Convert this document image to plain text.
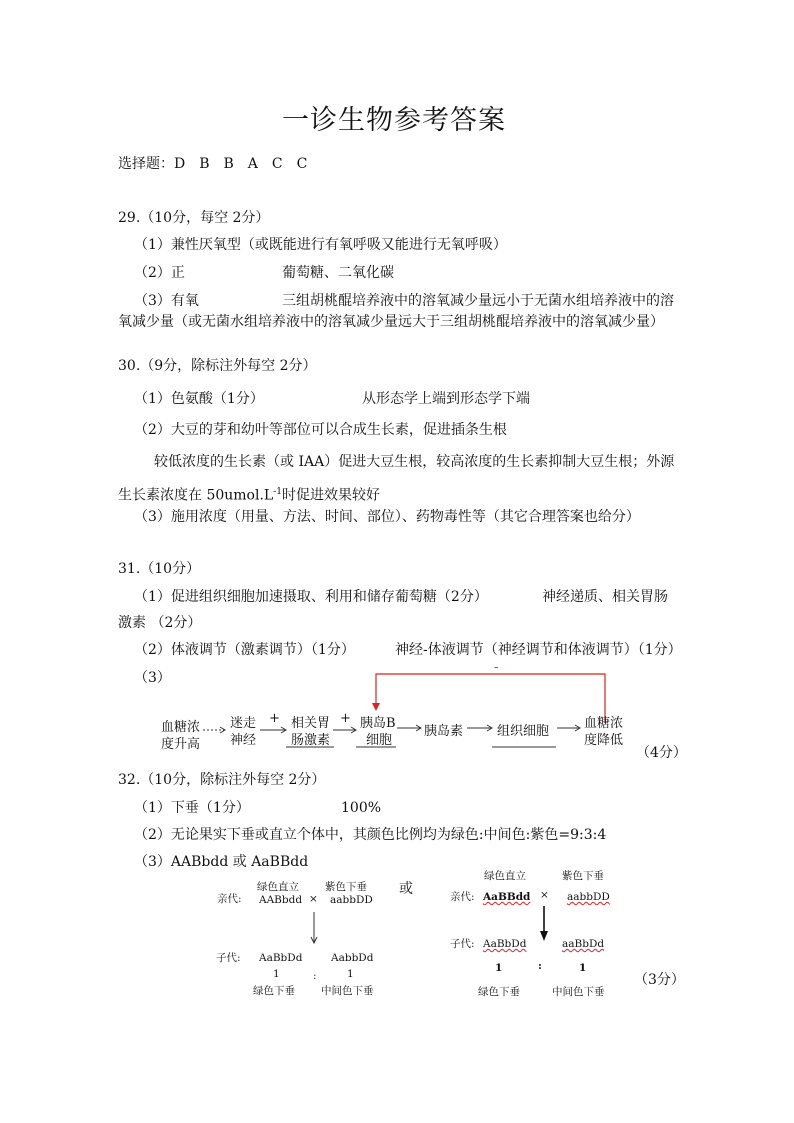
一诊生物参考答案
选择题：D　B　B　A　C　C
29.（10分，每空 2分）
（1）兼性厌氧型（或既能进行有氧呼吸又能进行无氧呼吸）
（2）正	葡萄糖、二氧化碳
（3）有氧	三组胡桃醌培养液中的溶氧减少量远小于无菌水组培养液中的溶
氧减少量（或无菌水组培养液中的溶氧减少量远大于三组胡桃醌培养液中的溶氧减少量）
30.（9分，除标注外每空 2分）
（1）色氨酸（1分）	从形态学上端到形态学下端
（2）大豆的芽和幼叶等部位可以合成生长素，促进插条生根
较低浓度的生长素（或 IAA）促进大豆生根，较高浓度的生长素抑制大豆生根；外源
生长素浓度在 $50umol.L^{-1}$时促进效果较好
（3）施用浓度（用量、方法、时间、部位）、药物毒性等（其它合理答案也给分）
31.（10分）
（1）促进组织细胞加速摄取、利用和储存葡萄糖（2分）	神经递质、相关胃肠
激素 （2分）
（2）体液调节（激素调节）（1分）	神经-体液调节（神经调节和体液调节）（1分）
（3）
血糖浓
度升高
迷走
神经
+ 相关胃
肠激素
+ 胰岛B
细胞
胰岛素	组织细胞
血糖浓
度降低
-
（4分）
32.（10分，除标注外每空 2分）
（1）下垂（1分）	100%
（2）无论果实下垂或直立个体中，其颜色比例均为绿色:中间色:紫色=9:3:4
（3）AABbdd 或 AaBBdd
或
绿色直立 紫色下垂
亲代: AABbdd × aabbDD
子代: AaBbDd	AabbDd
1	:	1
绿色下垂 中间色下垂
绿色直立	紫色下垂
亲代: AaBBdd × aabbDD
子代: AaBbDd	aaBbDd
1	:	1
绿色下垂	中间色下垂
（3分）
